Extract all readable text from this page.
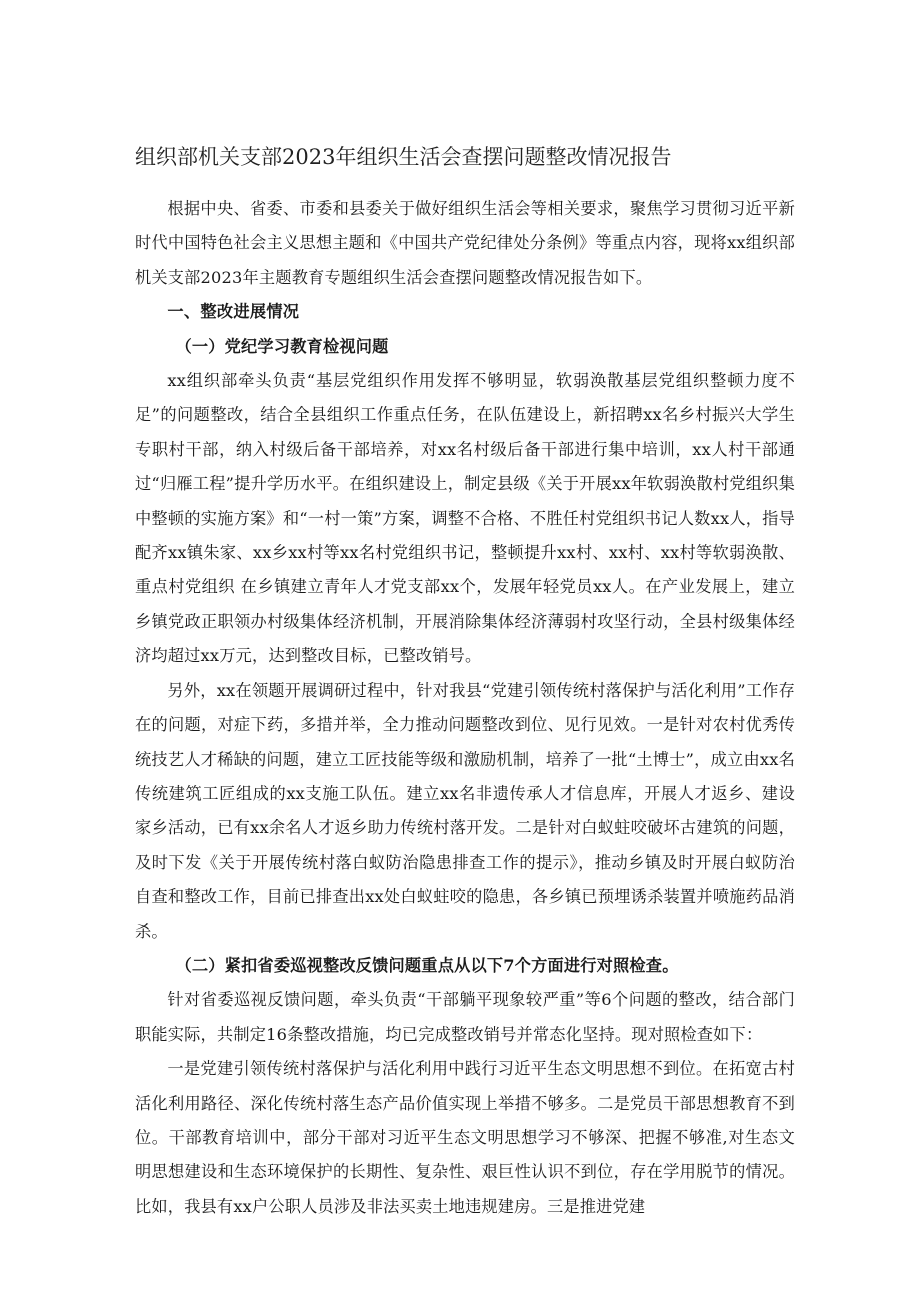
组织部机关支部2023年组织生活会查摆问题整改情况报告

根据中央、省委、市委和县委关于做好组织生活会等相关要求，聚焦学习贯彻习近平新时代中国特色社会主义思想主题和《中国共产党纪律处分条例》等重点内容，现将xx组织部机关支部2023年主题教育专题组织生活会查摆问题整改情况报告如下。

一、整改进展情况

（一）党纪学习教育检视问题

xx组织部牵头负责“基层党组织作用发挥不够明显，软弱涣散基层党组织整顿力度不足”的问题整改，结合全县组织工作重点任务，在队伍建设上，新招聘xx名乡村振兴大学生专职村干部，纳入村级后备干部培养，对xx名村级后备干部进行集中培训，xx人村干部通过“归雁工程”提升学历水平。在组织建设上，制定县级《关于开展xx年软弱涣散村党组织集中整顿的实施方案》和“一村一策”方案，调整不合格、不胜任村党组织书记人数xx人，指导配齐xx镇朱家、xx乡xx村等xx名村党组织书记，整顿提升xx村、xx村、xx村等软弱涣散、重点村党组织 在乡镇建立青年人才党支部xx个，发展年轻党员xx人。在产业发展上，建立乡镇党政正职领办村级集体经济机制，开展消除集体经济薄弱村攻坚行动，全县村级集体经济均超过xx万元，达到整改目标，已整改销号。

另外，xx在领题开展调研过程中，针对我县“党建引领传统村落保护与活化利用”工作存在的问题，对症下药，多措并举，全力推动问题整改到位、见行见效。一是针对农村优秀传统技艺人才稀缺的问题，建立工匠技能等级和激励机制，培养了一批“土博士”，成立由xx名传统建筑工匠组成的xx支施工队伍。建立xx名非遗传承人才信息库，开展人才返乡、建设家乡活动，已有xx余名人才返乡助力传统村落开发。二是针对白蚁蛀咬破坏古建筑的问题，及时下发《关于开展传统村落白蚁防治隐患排查工作的提示》，推动乡镇及时开展白蚁防治自查和整改工作，目前已排查出xx处白蚁蛀咬的隐患，各乡镇已预埋诱杀装置并喷施药品消杀。

（二）紧扣省委巡视整改反馈问题重点从以下7个方面进行对照检查。

针对省委巡视反馈问题，牵头负责“干部躺平现象较严重”等6个问题的整改，结合部门职能实际，共制定16条整改措施，均已完成整改销号并常态化坚持。现对照检查如下：

一是党建引领传统村落保护与活化利用中践行习近平生态文明思想不到位。在拓宽古村活化利用路径、深化传统村落生态产品价值实现上举措不够多。二是党员干部思想教育不到位。干部教育培训中，部分干部对习近平生态文明思想学习不够深、把握不够准,对生态文明思想建设和生态环境保护的长期性、复杂性、艰巨性认识不到位，存在学用脱节的情况。比如，我县有xx户公职人员涉及非法买卖土地违规建房。三是推进党建
